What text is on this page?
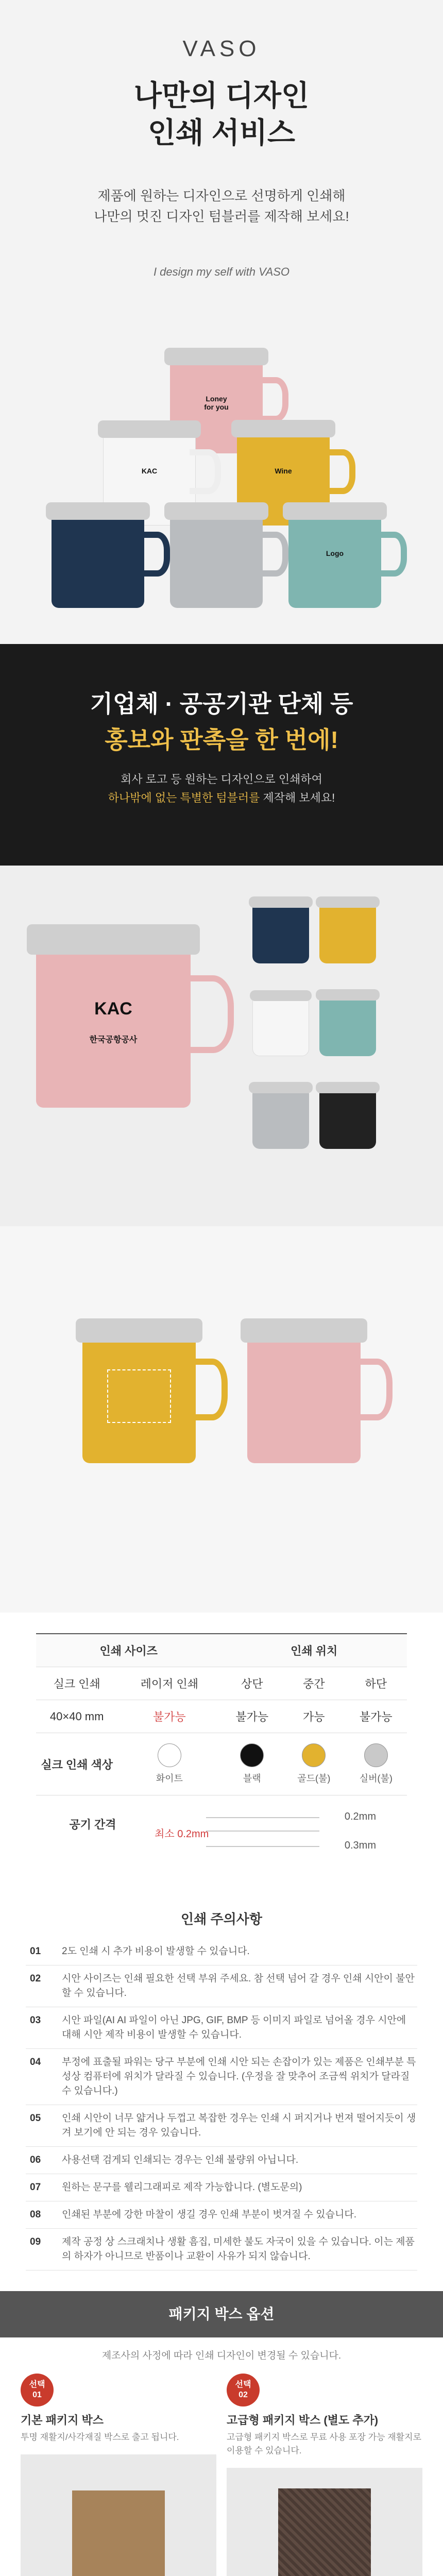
VASO
나만의 디자인
인쇄 서비스
제품에 원하는 디자인으로 선명하게 인쇄해
나만의 멋진 디자인 텀블러를 제작해 보세요!
I design my self with VASO
Loney
for you
KAC	Wine
Logo
기업체 · 공공기관 단체 등
홍보와 판촉을 한 번에!
회사 로고 등 원하는 디자인으로 인쇄하여
하나밖에 없는 특별한 텀블러를 제작해 보세요!
KAC
한국공항공사
인쇄 사이즈		인쇄 위치		
실크 인쇄	레이저 인쇄	상단	중간	하단
40×40 mm	불가능	불가능	가능	불가능
실크 인쇄 색상	화이트	블랙	골드(불)	실버(불)
공기 간격
최소 0.2mm
0.2mm
0.3mm
인쇄 주의사항
01	2도 인쇄 시 추가 비용이 발생할 수 있습니다.
02	시안 사이즈는 인쇄 필요한 선택 부위 주세요. 참 선택 넘어 갈 경우 인쇄 시안이 불안할 수 있습니다.
03	시안 파일(AI AI 파일이 아닌 JPG, GIF, BMP 등 이미지 파일로 넘어올 경우 시안에 대해 시안 제작 비용이 발생할 수 있습니다.
04	부정에 표출될 파워는 당구 부분에 인쇄 시안 되는 손잡이가 있는 제품은 인쇄부분 특성상 컴퓨터에 위치가 달라질 수 있습니다. (우정을 잘 맞추어 조금씩 위치가 달라질 수 있습니다.)
05	인쇄 시안이 너무 얇거나 두껍고 복잡한 경우는 인쇄 시 퍼지거나 번져 떨어지듯이 생겨 보기에 안 되는 경우 있습니다.
06	사용선택 검게되 인쇄되는 경우는 인쇄 불량위 아닙니다.
07	원하는 문구를 웰리그래피로 제작 가능합니다. (별도문의)
08	인쇄된 부분에 강한 마찰이 생길 경우 인쇄 부분이 벗겨질 수 있습니다.
09	제작 공정 상 스크래치나 생활 흠집, 미세한 불도 자국이 있을 수 있습니다. 이는 제품의 하자가 아니므로 반품이나 교환이 사유가 되지 않습니다.
패키지 박스 옵션
제조사의 사정에 따라 인쇄 디자인이 변경될 수 있습니다.
선택
01
기본 패키지 박스
투명 재활지/사각재질 박스로 출고 됩니다.
선택
02
고급형 패키지 박스 (별도 추가)
고급형 패키지 박스로 무료 사용 포장 가능 재활지로 이용할 수 있습니다.
